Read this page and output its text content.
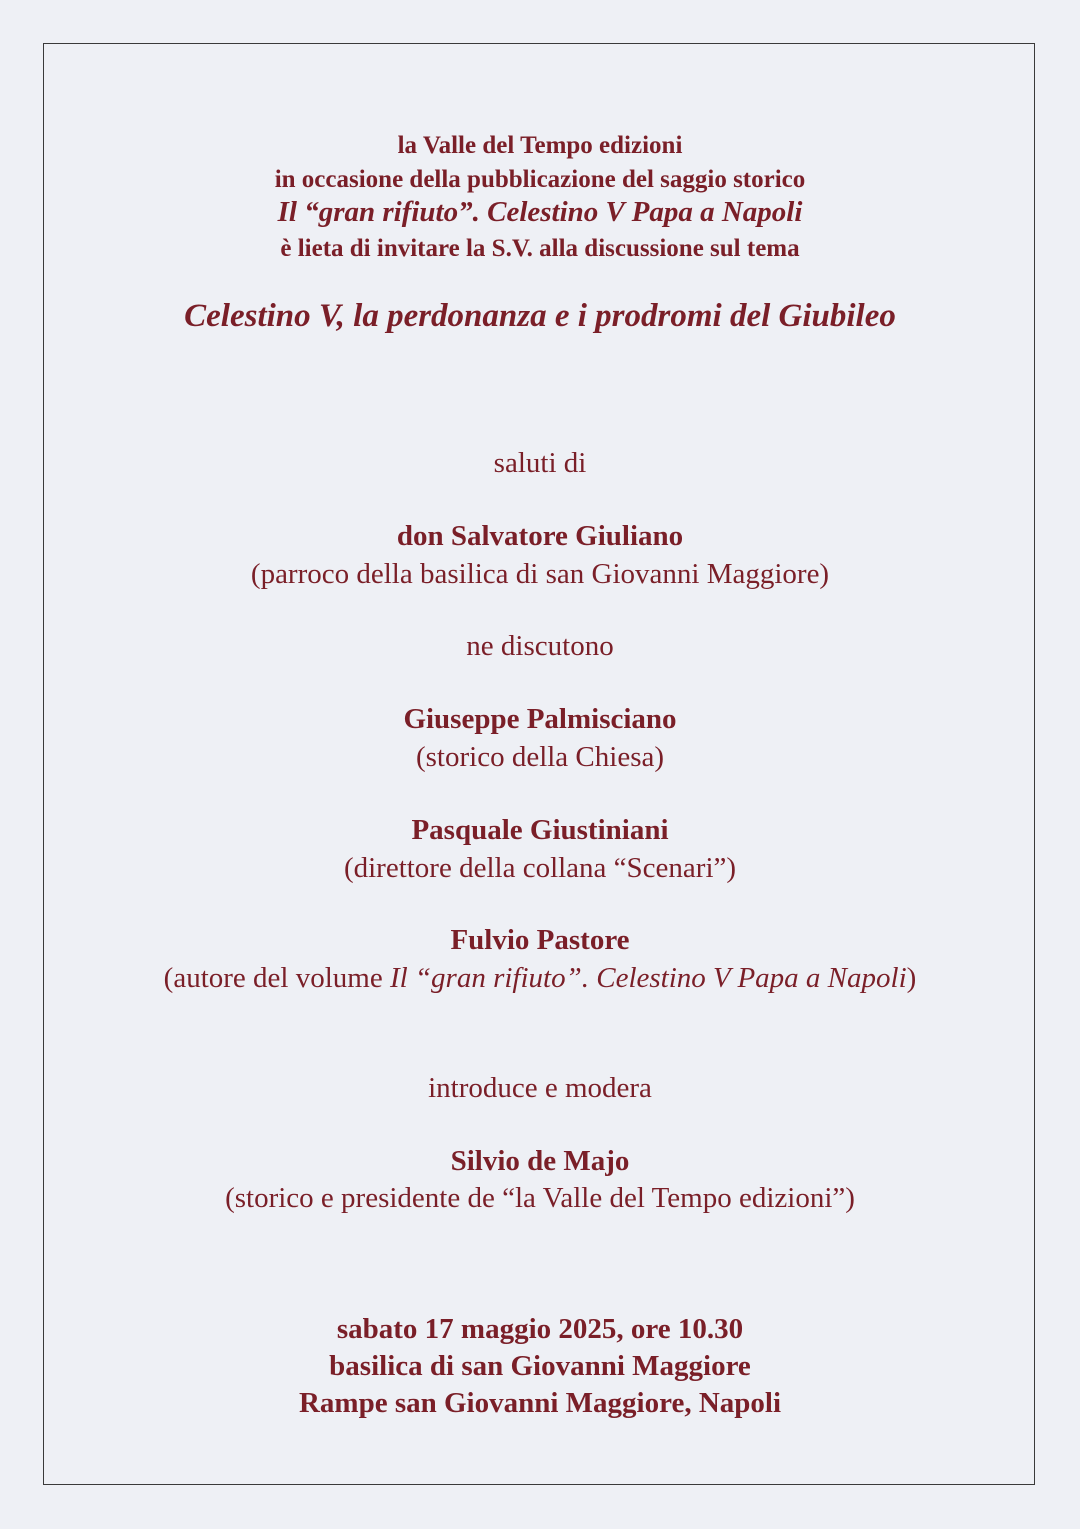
la Valle del Tempo edizioni
in occasione della pubblicazione del saggio storico
Il “gran rifiuto”. Celestino V Papa a Napoli
è lieta di invitare la S.V. alla discussione sul tema
Celestino V, la perdonanza e i prodromi del Giubileo
saluti di
don Salvatore Giuliano
(parroco della basilica di san Giovanni Maggiore)
ne discutono
Giuseppe Palmisciano
(storico della Chiesa)
Pasquale Giustiniani
(direttore della collana “Scenari”)
Fulvio Pastore
(autore del volume Il “gran rifiuto”. Celestino V Papa a Napoli)
introduce e modera
Silvio de Majo
(storico e presidente de “la Valle del Tempo edizioni”)
sabato 17 maggio 2025, ore 10.30
basilica di san Giovanni Maggiore
Rampe san Giovanni Maggiore, Napoli
